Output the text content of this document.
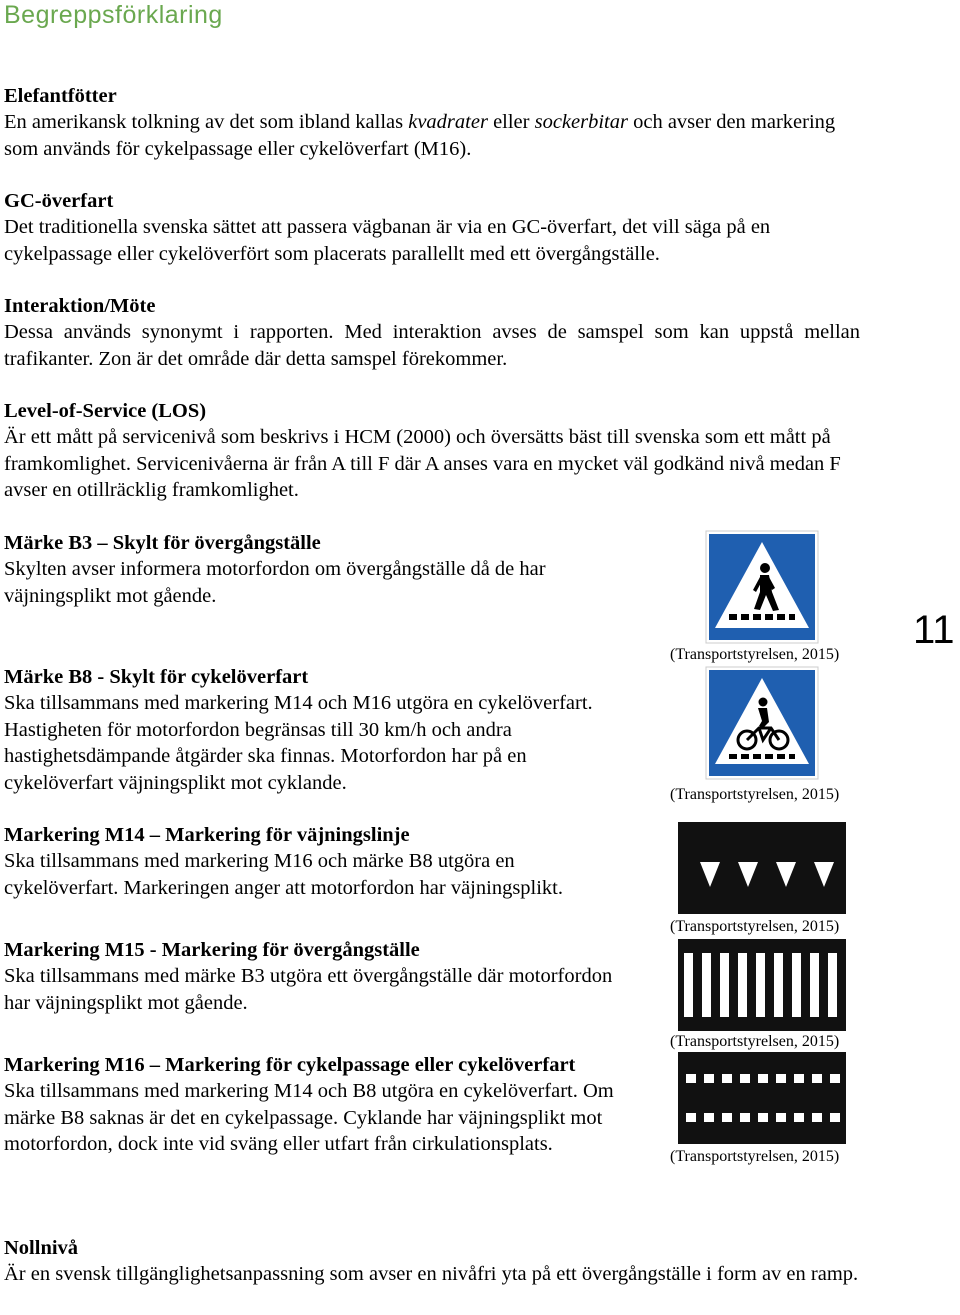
Begreppsförklaring
11
Elefantfötter
En amerikansk tolkning av det som ibland kallas kvadrater eller sockerbitar och avser den markering som används för cykelpassage eller cykelöverfart (M16).
GC-överfart
Det traditionella svenska sättet att passera vägbanan är via en GC-överfart, det vill säga på en cykelpassage eller cykelöverfört som placerats parallellt med ett övergångställe.
Interaktion/Möte
Dessa används synonymt i rapporten. Med interaktion avses de samspel som kan uppstå mellan trafikanter. Zon är det område där detta samspel förekommer.
Level-of-Service (LOS)
Är ett mått på servicenivå som beskrivs i HCM (2000) och översätts bäst till svenska som ett mått på framkomlighet. Servicenivåerna är från A till F där A anses vara en mycket väl godkänd nivå medan F avser en otillräcklig framkomlighet.
Märke B3 – Skylt för övergångställe
Skylten avser informera motorfordon om övergångställe då de har väjningsplikt mot gående.
Märke B8 - Skylt för cykelöverfart
Ska tillsammans med markering M14 och M16 utgöra en cykelöverfart. Hastigheten för motorfordon begränsas till 30 km/h och andra hastighetsdämpande åtgärder ska finnas. Motorfordon har på en cykelöverfart väjningsplikt mot cyklande.
Markering M14 – Markering för väjningslinje
Ska tillsammans med markering M16 och märke B8 utgöra en cykelöverfart. Markeringen anger att motorfordon har väjningsplikt.
Markering M15 - Markering för övergångställe
Ska tillsammans med märke B3 utgöra ett övergångställe där motorfordon har väjningsplikt mot gående.
Markering M16 – Markering för cykelpassage eller cykelöverfart
Ska tillsammans med markering M14 och B8 utgöra en cykelöverfart. Om märke B8 saknas är det en cykelpassage. Cyklande har väjningsplikt mot motorfordon, dock inte vid sväng eller utfart från cirkulationsplats.
Nollnivå
Är en svensk tillgänglighetsanpassning som avser en nivåfri yta på ett övergångställe i form av en ramp.
(Transportstyrelsen, 2015)
(Transportstyrelsen, 2015)
(Transportstyrelsen, 2015)
(Transportstyrelsen, 2015)
(Transportstyrelsen, 2015)
